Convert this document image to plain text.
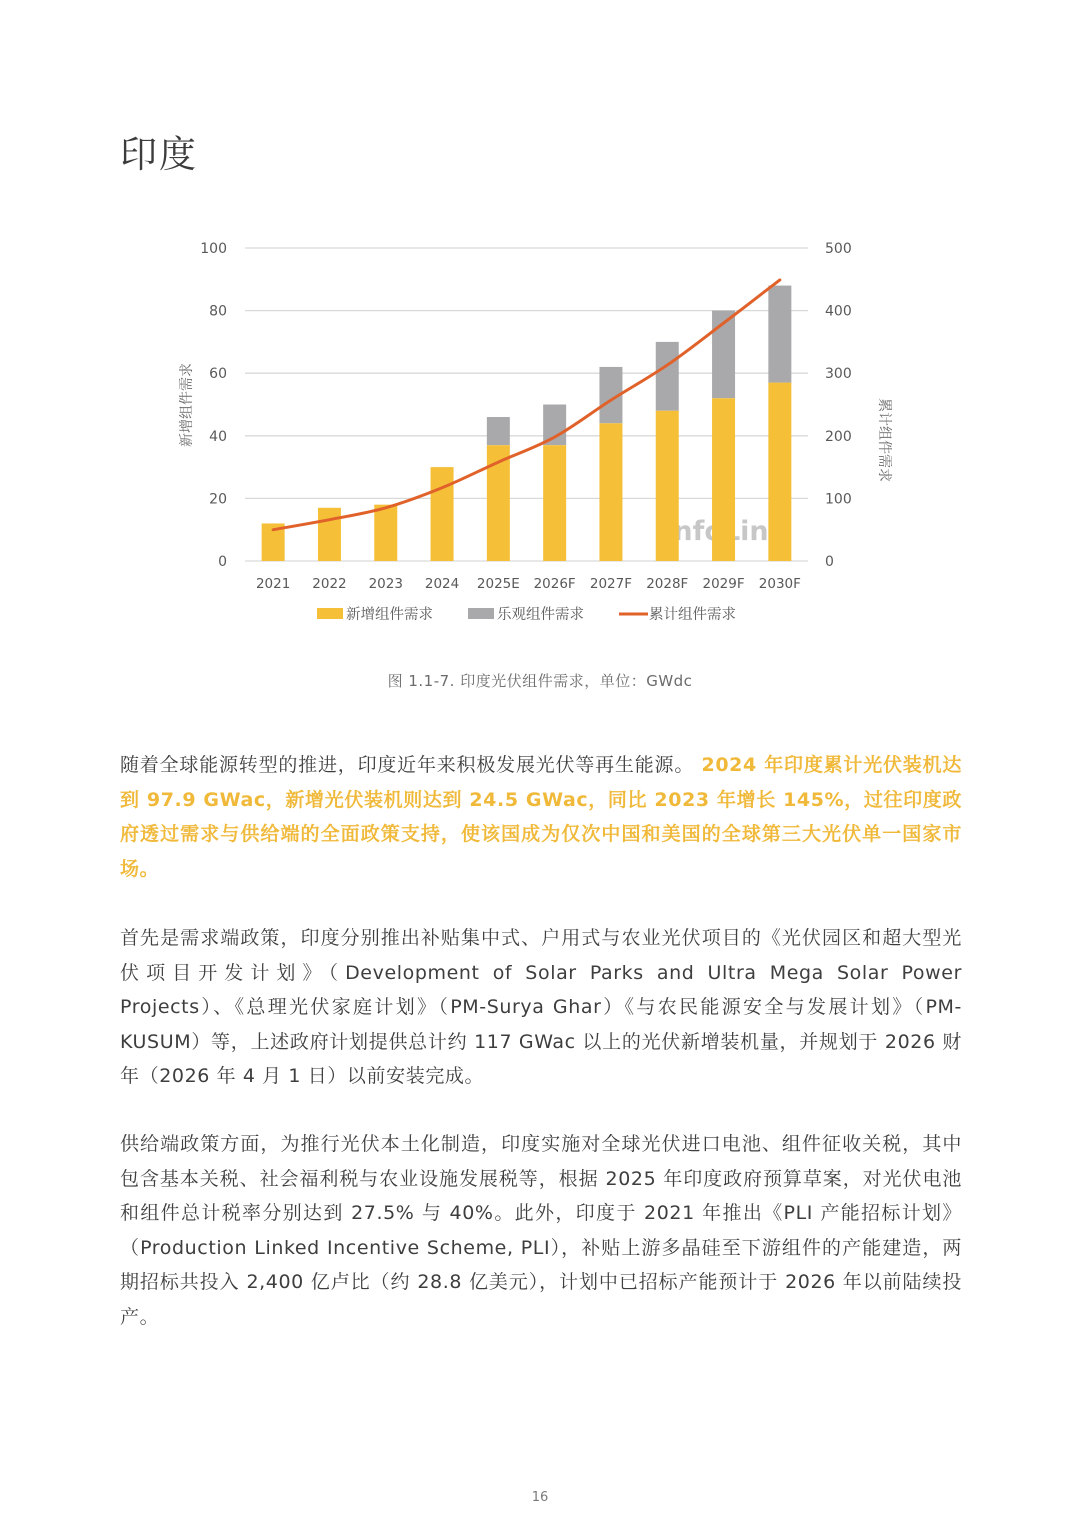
印度
0
20
40
60
80
100
0
100
200
300
400
500
新增组件需求	累计组件需求
2021 2022 2023 2024 2025E 2026F 2027F 2028F 2029F 2030F
新增组件需求	乐观组件需求	累计组件需求
图 1.1-7. 印度光伏组件需求，单位：GWdc
随着全球能源转型的推进，印度近年来积极发展光伏等再生能源。 2024 年印度累计光伏装机达到 97.9 GWac，新增光伏装机则达到 24.5 GWac，同比 2023 年增长 145%，过往印度政府透过需求与供给端的全面政策支持，使该国成为仅次中国和美国的全球第三大光伏单一国家市场。
首先是需求端政策，印度分别推出补贴集中式、户用式与农业光伏项目的《光伏园区和超大型光伏项目开发计划》（Development of Solar Parks and Ultra Mega Solar Power Projects）、《总理光伏家庭计划》（PM-Surya Ghar）《与农民能源安全与发展计划》（PM-KUSUM）等，上述政府计划提供总计约 117 GWac 以上的光伏新增装机量，并规划于 2026 财年（2026 年 4 月 1 日）以前安装完成。
供给端政策方面，为推行光伏本土化制造，印度实施对全球光伏进口电池、组件征收关税，其中包含基本关税、社会福利税与农业设施发展税等，根据 2025 年印度政府预算草案，对光伏电池和组件总计税率分别达到 27.5% 与 40%。此外，印度于 2021 年推出《PLI 产能招标计划》（Production Linked Incentive Scheme, PLI），补贴上游多晶硅至下游组件的产能建造，两期招标共投入 2,400 亿卢比（约 28.8 亿美元），计划中已招标产能预计于 2026 年以前陆续投产。
16
